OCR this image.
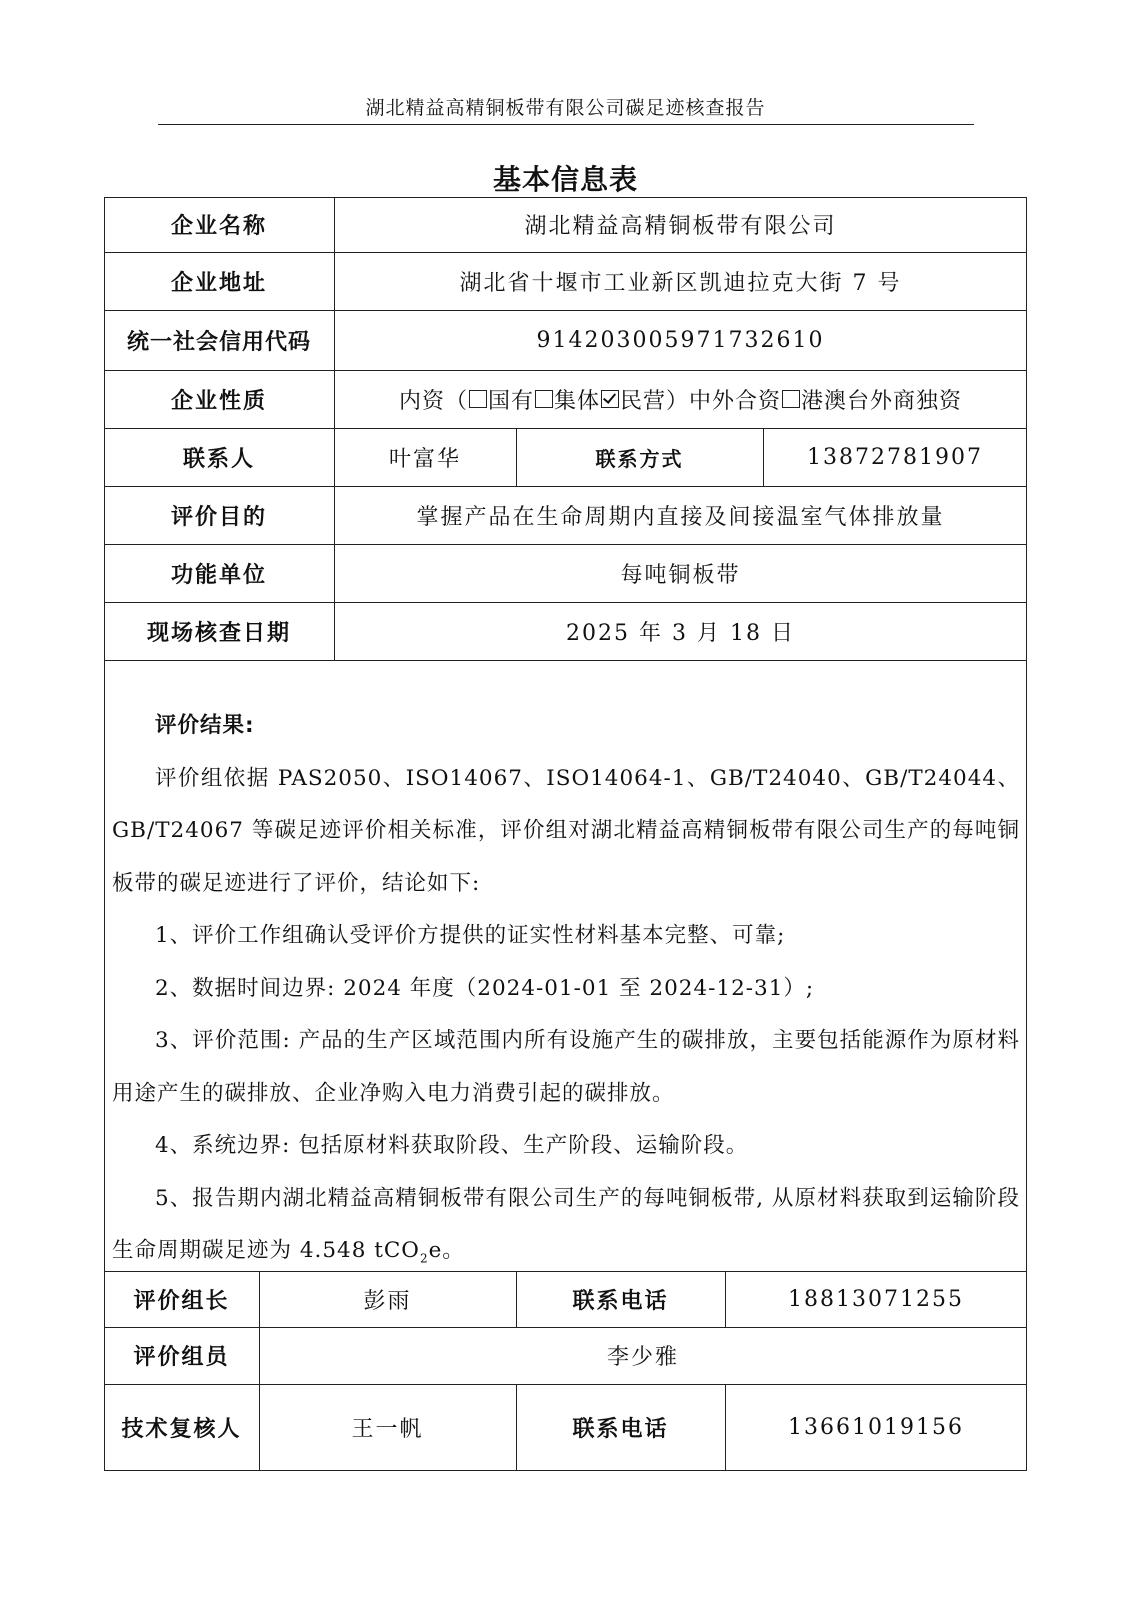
湖北精益高精铜板带有限公司碳足迹核查报告
基本信息表
企业名称	湖北精益高精铜板带有限公司
企业地址	湖北省十堰市工业新区凯迪拉克大街 7 号
统一社会信用代码	914203005971732610
企业性质	内资（ 国有 集体 民营 ）中外合资 港澳台外商独资
联系人	叶富华	联系方式	13872781907
评价目的	掌握产品在生命周期内直接及间接温室气体排放量
功能单位	每吨铜板带
现场核查日期	2025 年 3 月 18 日

评价结果:

评价组依据 PAS2050、ISO14067、ISO14064-1、GB/T24040、GB/T24044、GB/T24067 等碳足迹评价相关标准，评价组对湖北精益高精铜板带有限公司生产的每吨铜板带的碳足迹进行了评价，结论如下:

1、评价工作组确认受评价方提供的证实性材料基本完整、可靠;

2、数据时间边界: 2024 年度（2024-01-01 至 2024-12-31）;

3、评价范围: 产品的生产区域范围内所有设施产生的碳排放，主要包括能源作为原材料用途产生的碳排放、企业净购入电力消费引起的碳排放。

4、系统边界: 包括原材料获取阶段、生产阶段、运输阶段。

5、报告期内湖北精益高精铜板带有限公司生产的每吨铜板带, 从原材料获取到运输阶段生命周期碳足迹为 4.548 tCO$_2$e。

评价组长	彭雨	联系电话	18813071255
评价组员	李少雅
技术复核人	王一帆	联系电话	13661019156
